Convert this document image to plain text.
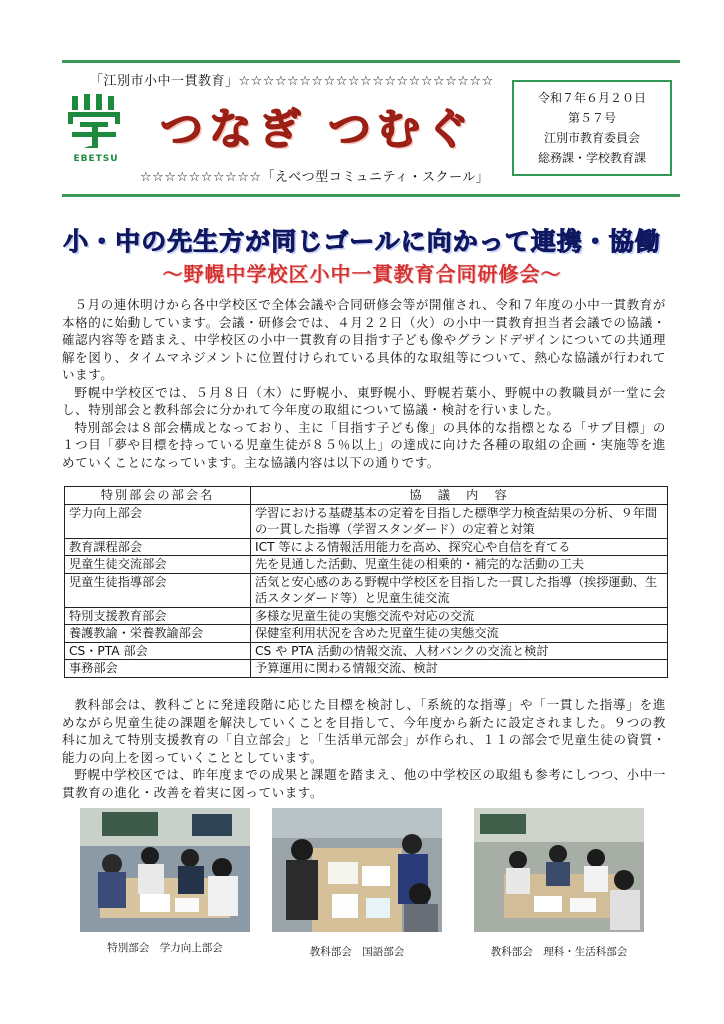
「江別市小中一貫教育」☆☆☆☆☆☆☆☆☆☆☆☆☆☆☆☆☆☆☆☆☆
EBETSU
つなぎ つむぐ
☆☆☆☆☆☆☆☆☆☆「えべつ型コミュニティ・スクール」
令和７年６月２０日
第５７号
江別市教育委員会
総務課・学校教育課
小・中の先生方が同じゴールに向かって連携・協働
～野幌中学校区小中一貫教育合同研修会～

５月の連休明けから各中学校区で全体会議や合同研修会等が開催され、令和７年度の小中一貫教育が本格的に始動しています。会議・研修会では、４月２２日（火）の小中一貫教育担当者会議での協議・確認内容等を踏まえ、中学校区の小中一貫教育の目指す子ども像やグランドデザインについての共通理解を図り、タイムマネジメントに位置付けられている具体的な取組等について、熱心な協議が行われています。

野幌中学校区では、５月８日（木）に野幌小、東野幌小、野幌若葉小、野幌中の教職員が一堂に会し、特別部会と教科部会に分かれて今年度の取組について協議・検討を行いました。

特別部会は８部会構成となっており、主に「目指す子ども像」の具体的な指標となる「サブ目標」の１つ目「夢や目標を持っている児童生徒が８５％以上」の達成に向けた各種の取組の企画・実施等を進めていくことになっています。主な協議内容は以下の通りです。

特別部会の部会名	協　議　内　容
学力向上部会	学習における基礎基本の定着を目指した標準学力検査結果の分析、９年間の一貫した指導（学習スタンダード）の定着と対策
教育課程部会	ICT 等による情報活用能力を高め、探究心や自信を育てる
児童生徒交流部会	先を見通した活動、児童生徒の相乗的・補完的な活動の工夫
児童生徒指導部会	活気と安心感のある野幌中学校区を目指した一貫した指導（挨拶運動、生活スタンダード等）と児童生徒交流
特別支援教育部会	多様な児童生徒の実態交流や対応の交流
養護教諭・栄養教諭部会	保健室利用状況を含めた児童生徒の実態交流
CS・PTA 部会	CS や PTA 活動の情報交流、人材バンクの交流と検討
事務部会	予算運用に関わる情報交流、検討

教科部会は、教科ごとに発達段階に応じた目標を検討し、「系統的な指導」や「一貫した指導」を進めながら児童生徒の課題を解決していくことを目指して、今年度から新たに設定されました。９つの教科に加えて特別支援教育の「自立部会」と「生活単元部会」が作られ、１１の部会で児童生徒の資質・能力の向上を図っていくこととしています。

野幌中学校区では、昨年度までの成果と課題を踏まえ、他の中学校区の取組も参考にしつつ、小中一貫教育の進化・改善を着実に図っています。

特別部会　学力向上部会	教科部会　国語部会	教科部会　理科・生活科部会
